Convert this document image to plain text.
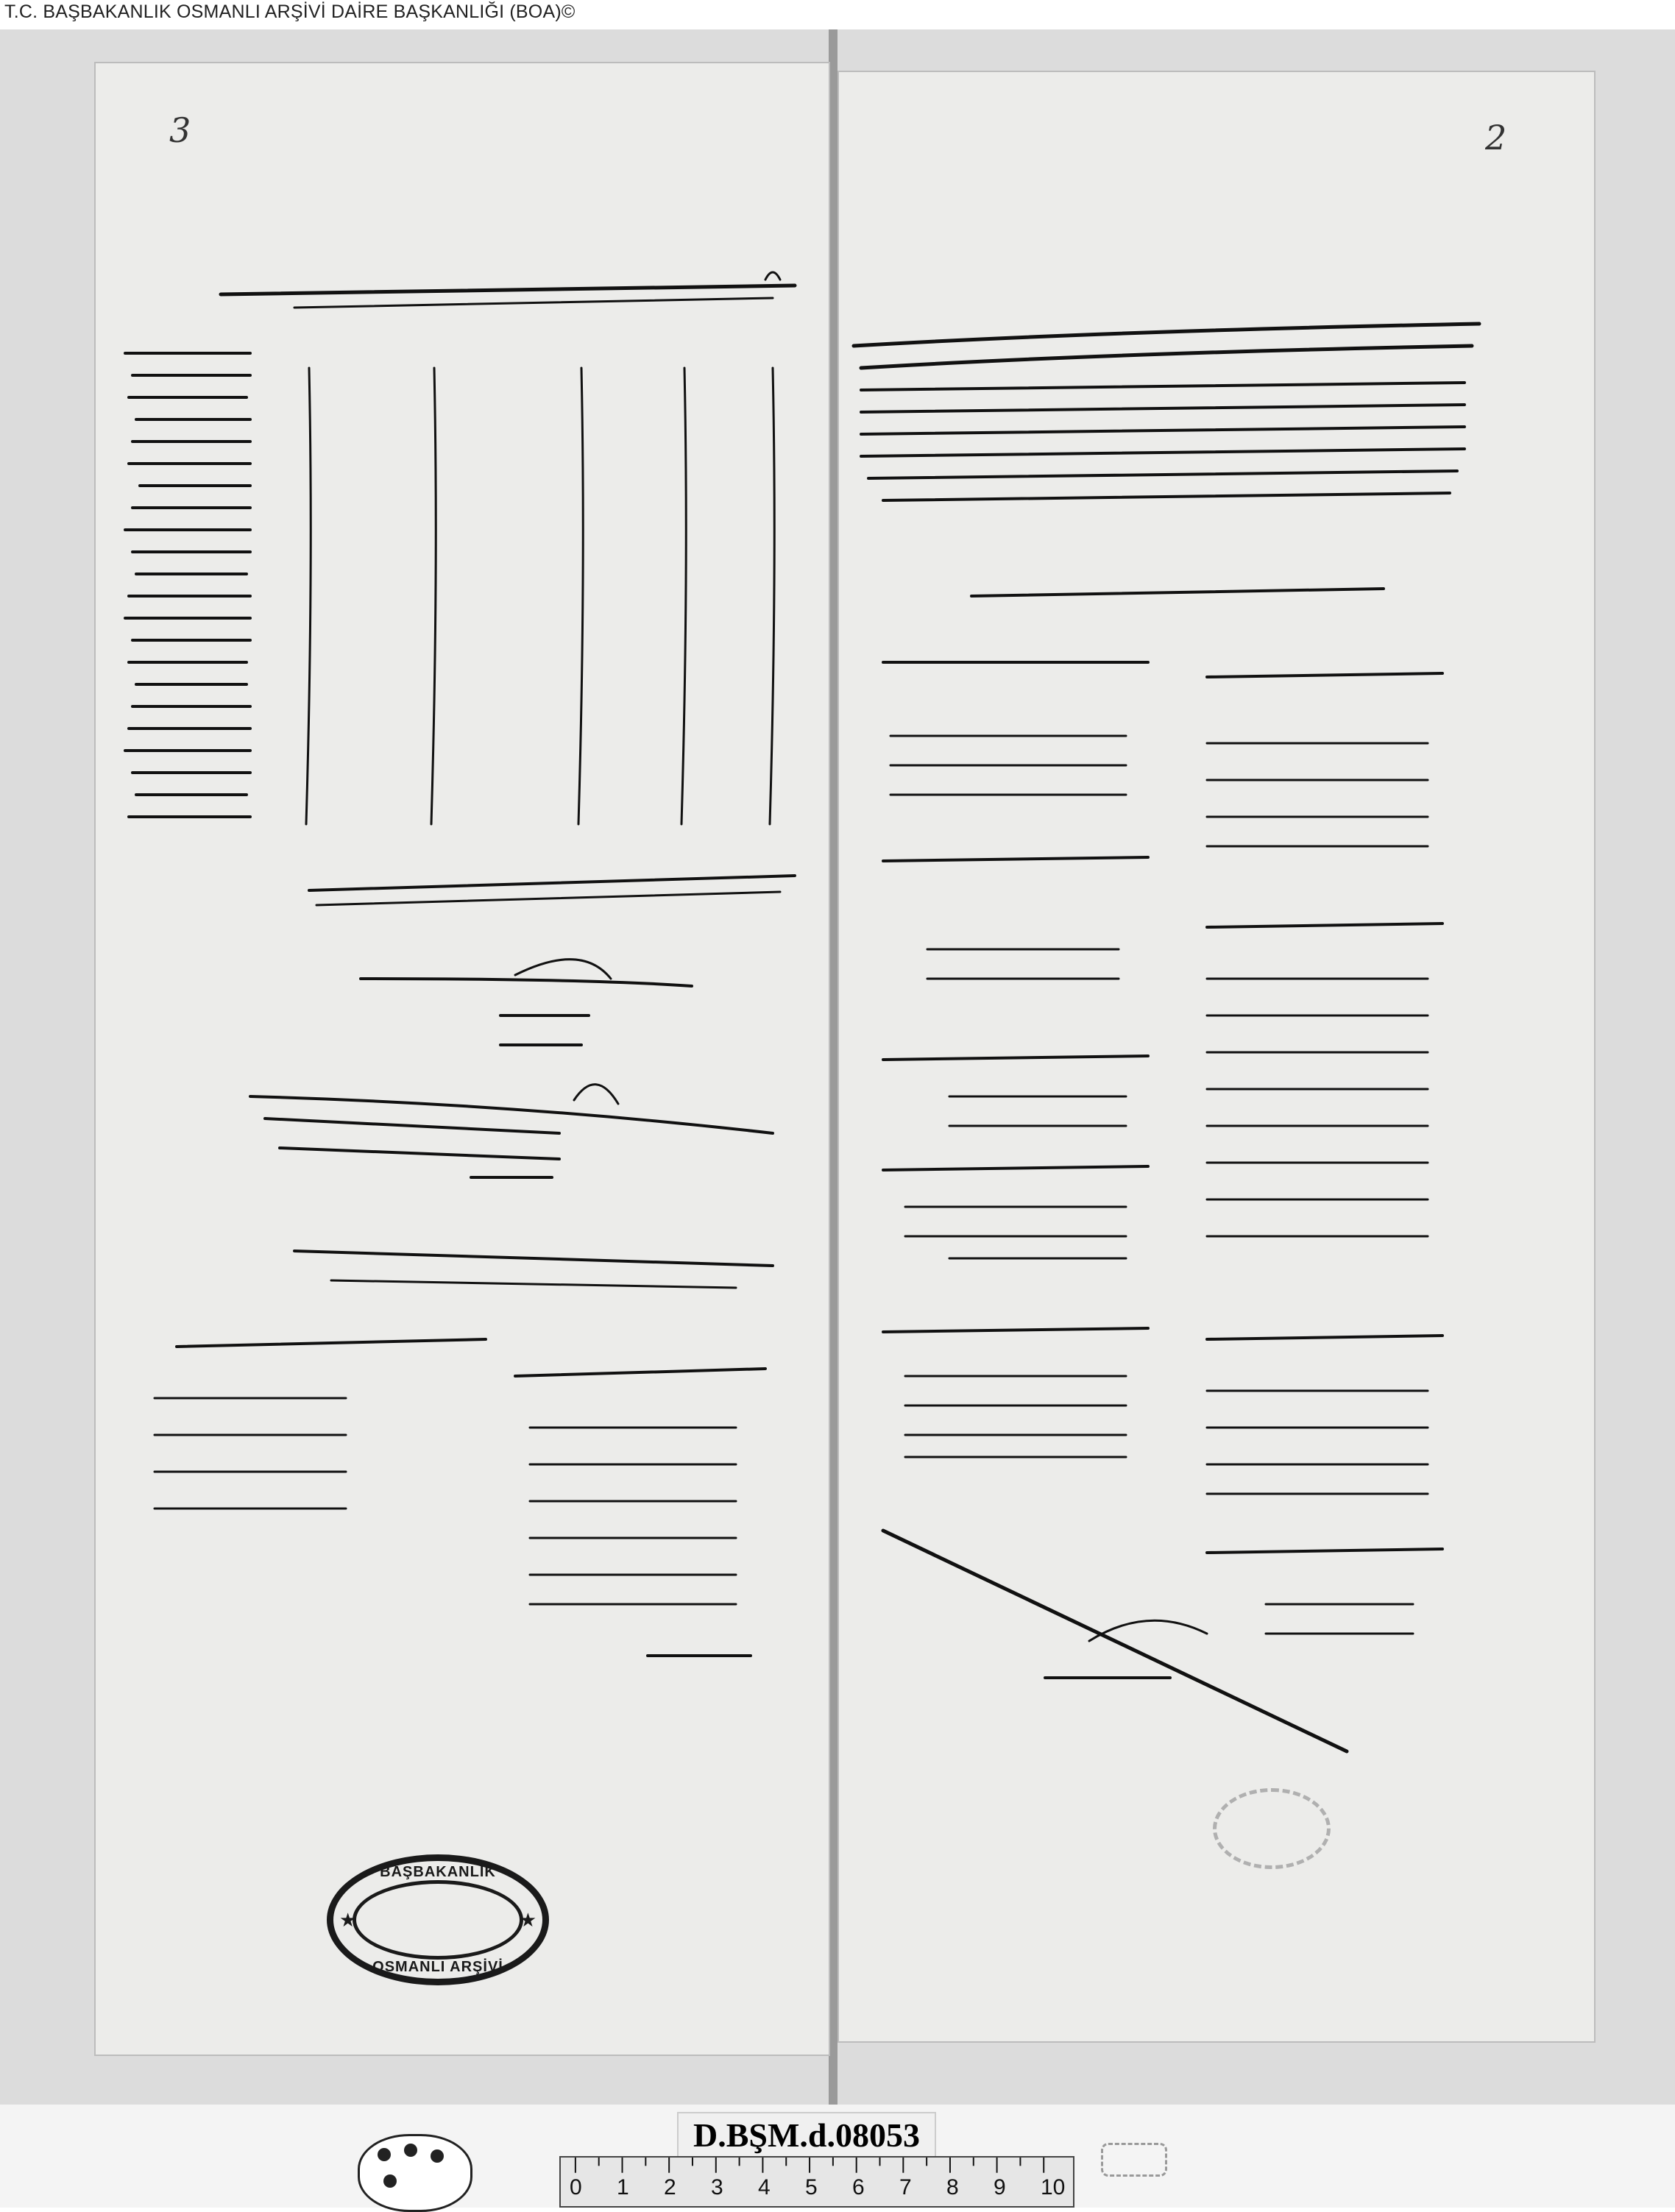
T.C. BAŞBAKANLIK OSMANLI ARŞİVİ DAİRE BAŞKANLIĞI (BOA)©
3	2
BAŞBAKANLIK
OSMANLI ARŞİVİ
★	★
D.BŞM.d.08053
0 1 2 3 4 5 6 7 8 9 10
